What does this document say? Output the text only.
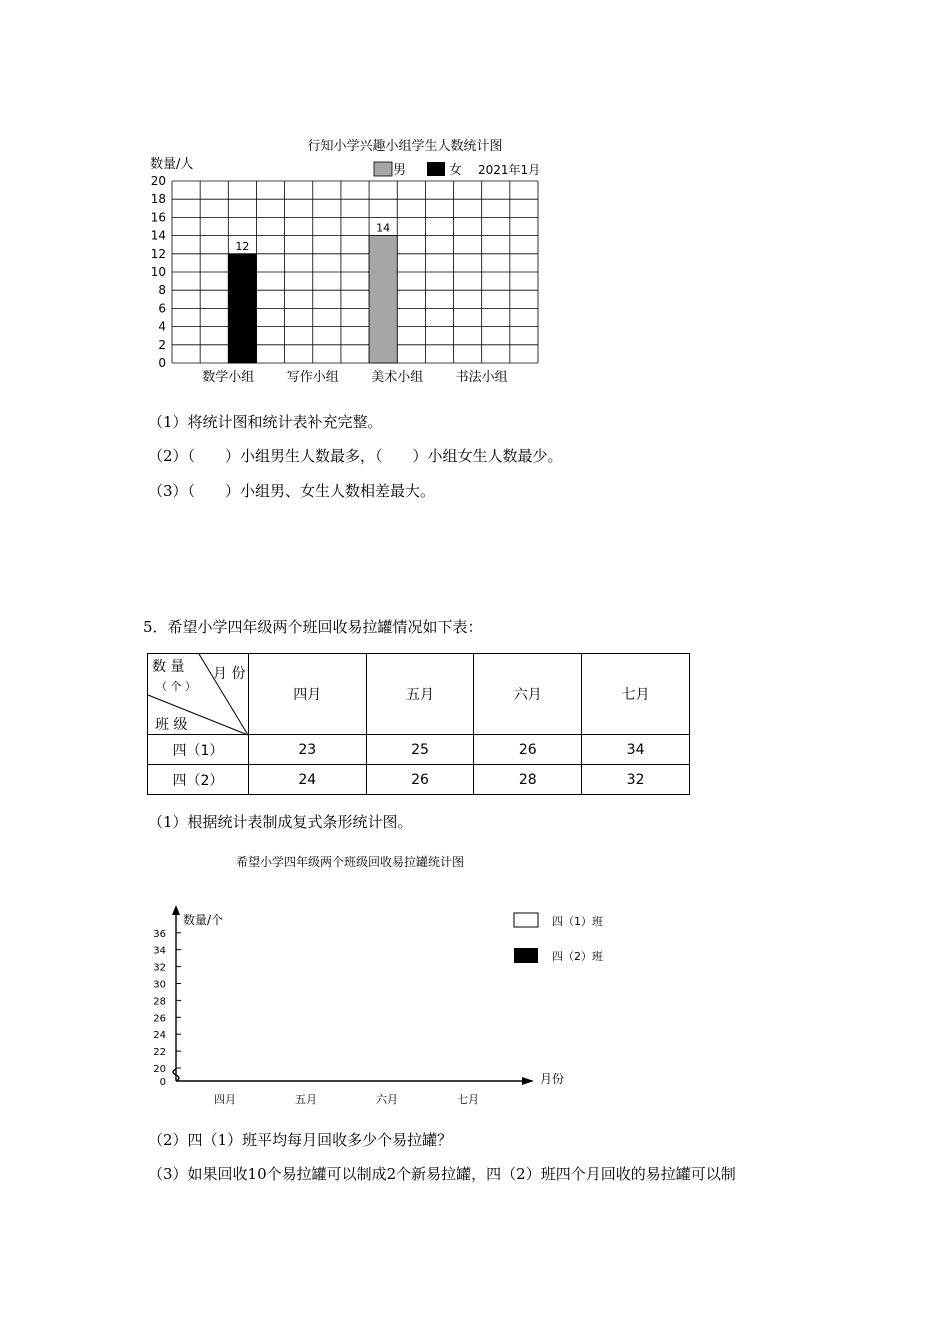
行知小学兴趣小组学生人数统计图
数量/人	男	女 2021年1月
0
2
4
6
8
10
12
14
16
18
20
12
14
数学小组 写作小组 美术小组 书法小组
（1）将统计图和统计表补充完整。
（2）（　　）小组男生人数最多，（　　）小组女生人数最少。
（3）（　　）小组男、女生人数相差最大。
5．希望小学四年级两个班回收易拉罐情况如下表：
数 量
（ 个 ）
月 份
班 级	四月	五月	六月	七月
四（1）	23	25	26	34
四（2）	24	26	28	32
（1）根据统计表制成复式条形统计图。
希望小学四年级两个班级回收易拉罐统计图
数量/个
月份
四（1）班
四（2）班
0
20
22
24
26
28
30
32
34
36
四月	五月	六月	七月
（2）四（1）班平均每月回收多少个易拉罐？
（3）如果回收10个易拉罐可以制成2个新易拉罐，四（2）班四个月回收的易拉罐可以制
